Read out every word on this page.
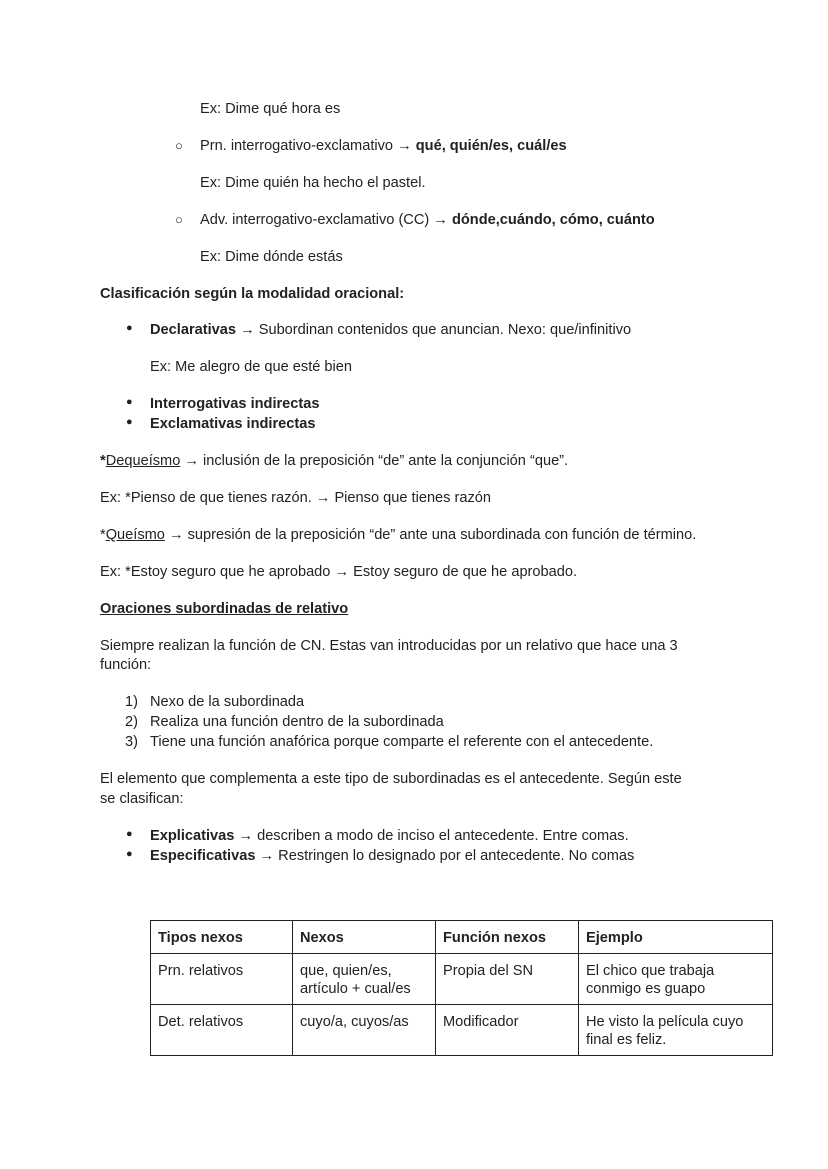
Ex: Dime qué hora es
○ Prn. interrogativo-exclamativo → qué, quién/es, cuál/es
Ex: Dime quién ha hecho el pastel.
○ Adv. interrogativo-exclamativo (CC) → dónde,cuándo, cómo, cuánto
Ex: Dime dónde estás
Clasificación según la modalidad oracional:
● Declarativas → Subordinan contenidos que anuncian. Nexo: que/infinitivo
Ex: Me alegro de que esté bien
● Interrogativas indirectas
● Exclamativas indirectas
*Dequeísmo → inclusión de la preposición “de” ante la conjunción “que”.
Ex: *Pienso de que tienes razón. → Pienso que tienes razón
*Queísmo → supresión de la preposición “de” ante una subordinada con función de término.
Ex: *Estoy seguro que he aprobado → Estoy seguro de que he aprobado.
Oraciones subordinadas de relativo
Siempre realizan la función de CN. Estas van introducidas por un relativo que hace una 3
función:
1) Nexo de la subordinada
2) Realiza una función dentro de la subordinada
3) Tiene una función anafórica porque comparte el referente con el antecedente.
El elemento que complementa a este tipo de subordinadas es el antecedente. Según este
se clasifican:
● Explicativas → describen a modo de inciso el antecedente. Entre comas.
● Especificativas → Restringen lo designado por el antecedente. No comas
Tipos nexos	Nexos	Función nexos	Ejemplo
Prn. relativos	que, quien/es, artículo + cual/es	Propia del SN	El chico que trabaja conmigo es guapo
Det. relativos	cuyo/a, cuyos/as	Modificador	He visto la película cuyo final es feliz.
